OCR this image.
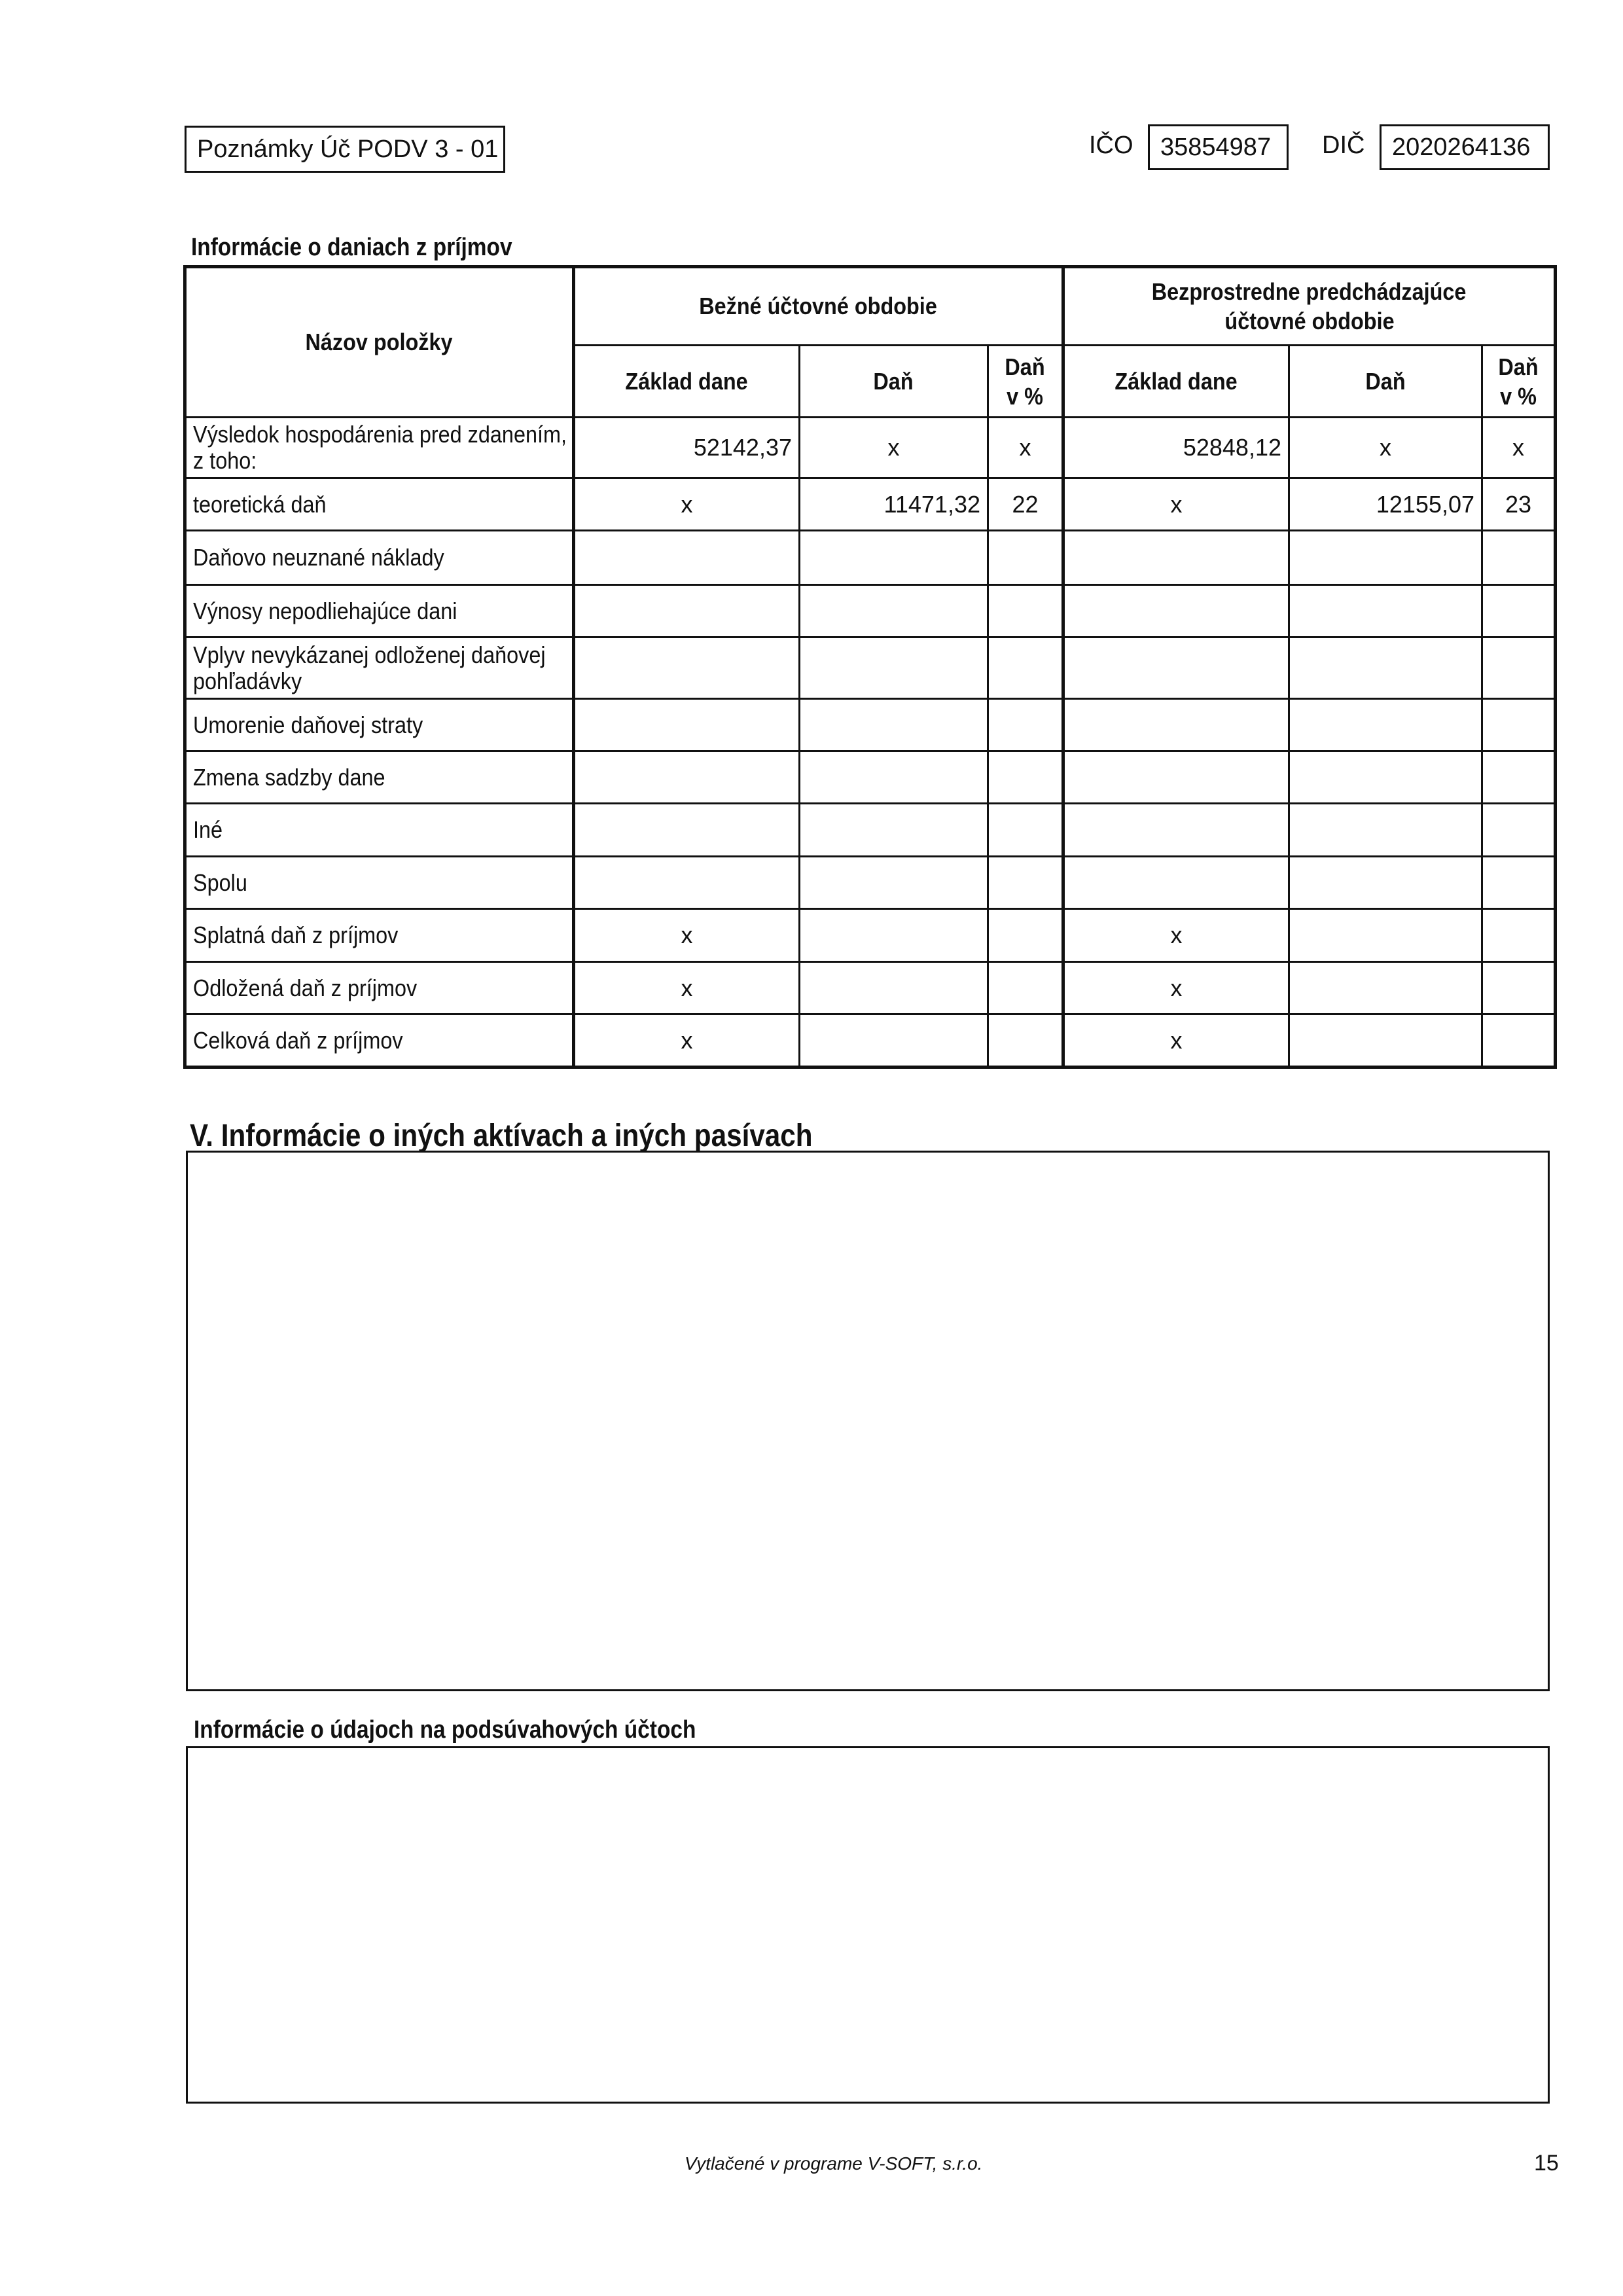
Poznámky Úč PODV 3 - 01	IČO 35854987 DIČ 2020264136
Informácie o daniach z príjmov
Názov položky	Bežné účtovné obdobie			Bezprostredne predchádzajúce
účtovné obdobie		
	Základ dane	Daň	Daň
v %	Základ dane	Daň	Daň
v %
Výsledok hospodárenia pred zdanením, z toho:	52142,37	x	x	52848,12	x	x
teoretická daň	x	11471,32	22	x	12155,07	23
Daňovo neuznané náklady						
Výnosy nepodliehajúce dani						
Vplyv nevykázanej odloženej daňovej pohľadávky						
Umorenie daňovej straty						
Zmena sadzby dane						
Iné						
Spolu						
Splatná daň z príjmov	x			x		
Odložená daň z príjmov	x			x		
Celková daň z príjmov	x			x		
V. Informácie o iných aktívach a iných pasívach
Informácie o údajoch na podsúvahových účtoch
Vytlačené v programe V-SOFT, s.r.o.	15
